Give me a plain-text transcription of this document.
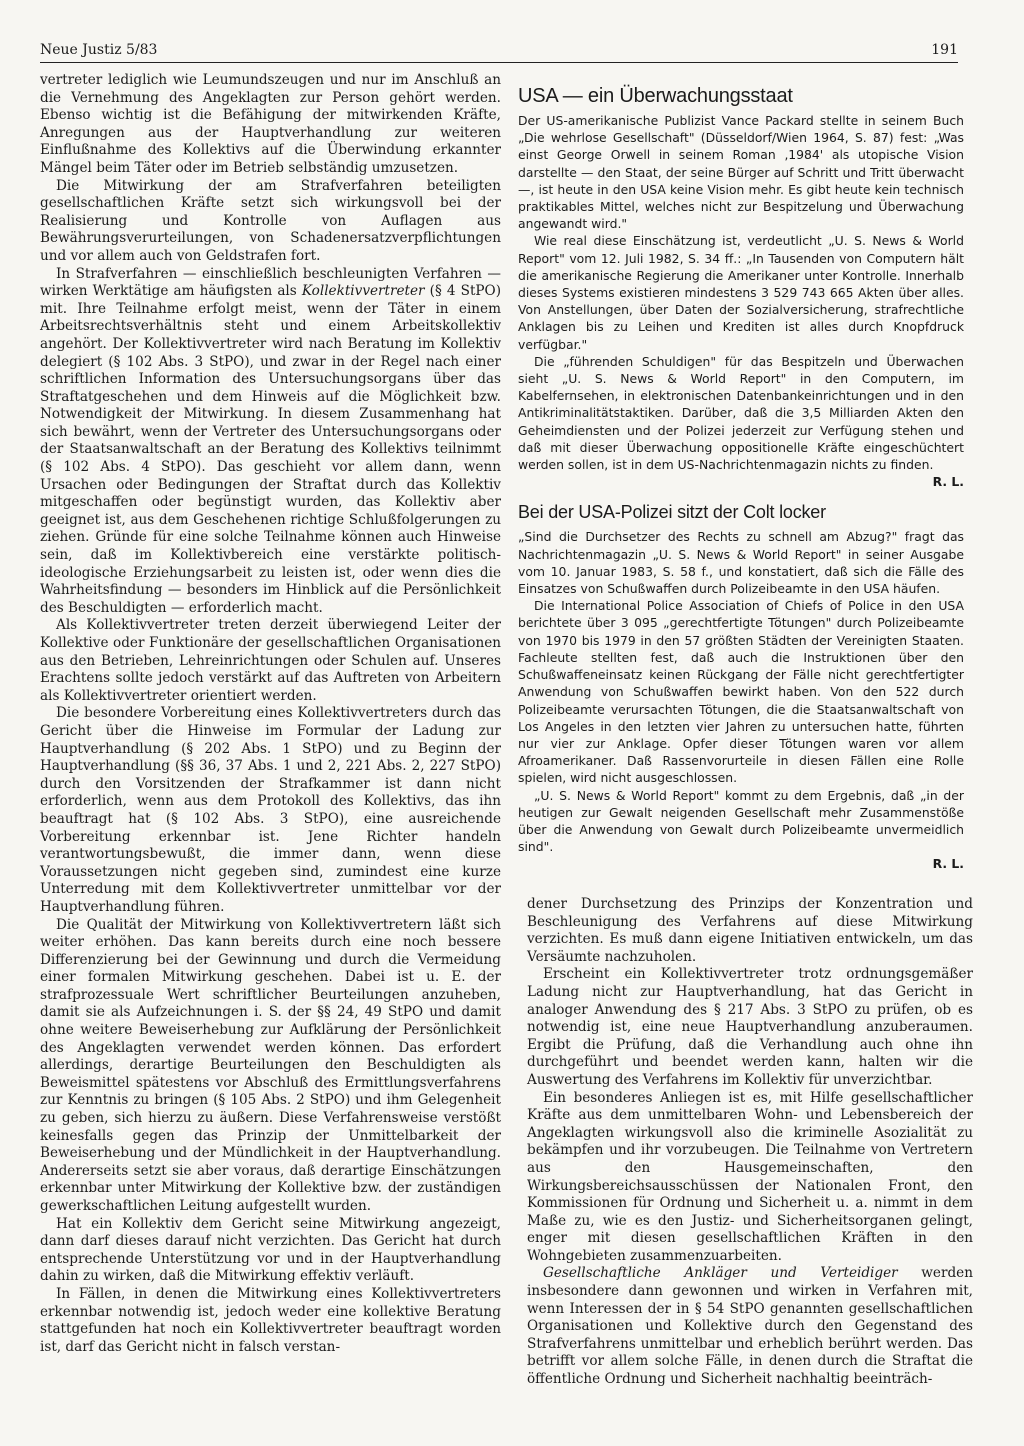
Neue Justiz 5/83	191

vertreter lediglich wie Leumundszeugen und nur im Anschluß an die Vernehmung des Angeklagten zur Person gehört werden. Ebenso wichtig ist die Befähigung der mitwirkenden Kräfte, Anregungen aus der Hauptverhandlung zur weiteren Einflußnahme des Kollektivs auf die Überwindung erkannter Mängel beim Täter oder im Betrieb selbständig umzusetzen.

Die Mitwirkung der am Strafverfahren beteiligten gesellschaftlichen Kräfte setzt sich wirkungsvoll bei der Realisierung und Kontrolle von Auflagen aus Bewährungsverurteilungen, von Schadenersatzverpflichtungen und vor allem auch von Geldstrafen fort.

In Strafverfahren — einschließlich beschleunigten Verfahren — wirken Werktätige am häufigsten als Kollektivvertreter (§ 4 StPO) mit. Ihre Teilnahme erfolgt meist, wenn der Täter in einem Arbeitsrechtsverhältnis steht und einem Arbeitskollektiv angehört. Der Kollektivvertreter wird nach Beratung im Kollektiv delegiert (§ 102 Abs. 3 StPO), und zwar in der Regel nach einer schriftlichen Information des Untersuchungsorgans über das Straftatgeschehen und dem Hinweis auf die Möglichkeit bzw. Notwendigkeit der Mitwirkung. In diesem Zusammenhang hat sich bewährt, wenn der Vertreter des Untersuchungsorgans oder der Staatsanwaltschaft an der Beratung des Kollektivs teilnimmt (§ 102 Abs. 4 StPO). Das geschieht vor allem dann, wenn Ursachen oder Bedingungen der Straftat durch das Kollektiv mitgeschaffen oder begünstigt wurden, das Kollektiv aber geeignet ist, aus dem Geschehenen richtige Schlußfolgerungen zu ziehen. Gründe für eine solche Teilnahme können auch Hinweise sein, daß im Kollektivbereich eine verstärkte politisch-ideologische Erziehungsarbeit zu leisten ist, oder wenn dies die Wahrheitsfindung — besonders im Hinblick auf die Persönlichkeit des Beschuldigten — erforderlich macht.

Als Kollektivvertreter treten derzeit überwiegend Leiter der Kollektive oder Funktionäre der gesellschaftlichen Organisationen aus den Betrieben, Lehreinrichtungen oder Schulen auf. Unseres Erachtens sollte jedoch verstärkt auf das Auftreten von Arbeitern als Kollektivvertreter orientiert werden.

Die besondere Vorbereitung eines Kollektivvertreters durch das Gericht über die Hinweise im Formular der Ladung zur Hauptverhandlung (§ 202 Abs. 1 StPO) und zu Beginn der Hauptverhandlung (§§ 36, 37 Abs. 1 und 2, 221 Abs. 2, 227 StPO) durch den Vorsitzenden der Strafkammer ist dann nicht erforderlich, wenn aus dem Protokoll des Kollektivs, das ihn beauftragt hat (§ 102 Abs. 3 StPO), eine ausreichende Vorbereitung erkennbar ist. Jene Richter handeln verantwortungsbewußt, die immer dann, wenn diese Voraussetzungen nicht gegeben sind, zumindest eine kurze Unterredung mit dem Kollektivvertreter unmittelbar vor der Hauptverhandlung führen.

Die Qualität der Mitwirkung von Kollektivvertretern läßt sich weiter erhöhen. Das kann bereits durch eine noch bessere Differenzierung bei der Gewinnung und durch die Vermeidung einer formalen Mitwirkung geschehen. Dabei ist u. E. der strafprozessuale Wert schriftlicher Beurteilungen anzuheben, damit sie als Aufzeichnungen i. S. der §§ 24, 49 StPO und damit ohne weitere Beweiserhebung zur Aufklärung der Persönlichkeit des Angeklagten verwendet werden können. Das erfordert allerdings, derartige Beurteilungen den Beschuldigten als Beweismittel spätestens vor Abschluß des Ermittlungsverfahrens zur Kenntnis zu bringen (§ 105 Abs. 2 StPO) und ihm Gelegenheit zu geben, sich hierzu zu äußern. Diese Verfahrensweise verstößt keinesfalls gegen das Prinzip der Unmittelbarkeit der Beweiserhebung und der Mündlichkeit in der Hauptverhandlung. Andererseits setzt sie aber voraus, daß derartige Einschätzungen erkennbar unter Mitwirkung der Kollektive bzw. der zuständigen gewerkschaftlichen Leitung aufgestellt wurden.

Hat ein Kollektiv dem Gericht seine Mitwirkung angezeigt, dann darf dieses darauf nicht verzichten. Das Gericht hat durch entsprechende Unterstützung vor und in der Hauptverhandlung dahin zu wirken, daß die Mitwirkung effektiv verläuft.

In Fällen, in denen die Mitwirkung eines Kollektivvertreters erkennbar notwendig ist, jedoch weder eine kollektive Beratung stattgefunden hat noch ein Kollektivvertreter beauftragt worden ist, darf das Gericht nicht in falsch verstan-

USA — ein Überwachungsstaat

Der US-amerikanische Publizist Vance Packard stellte in seinem Buch „Die wehrlose Gesellschaft" (Düsseldorf/Wien 1964, S. 87) fest: „Was einst George Orwell in seinem Roman ‚1984' als utopische Vision darstellte — den Staat, der seine Bürger auf Schritt und Tritt überwacht —, ist heute in den USA keine Vision mehr. Es gibt heute kein technisch praktikables Mittel, welches nicht zur Bespitzelung und Überwachung angewandt wird."

Wie real diese Einschätzung ist, verdeutlicht „U. S. News & World Report" vom 12. Juli 1982, S. 34 ff.: „In Tausenden von Computern hält die amerikanische Regierung die Amerikaner unter Kontrolle. Innerhalb dieses Systems existieren mindestens 3 529 743 665 Akten über alles. Von Anstellungen, über Daten der Sozialversicherung, strafrechtliche Anklagen bis zu Leihen und Krediten ist alles durch Knopfdruck verfügbar."

Die „führenden Schuldigen" für das Bespitzeln und Überwachen sieht „U. S. News & World Report" in den Computern, im Kabelfernsehen, in elektronischen Datenbankeinrichtungen und in den Antikriminalitätstaktiken. Darüber, daß die 3,5 Milliarden Akten den Geheimdiensten und der Polizei jederzeit zur Verfügung stehen und daß mit dieser Überwachung oppositionelle Kräfte eingeschüchtert werden sollen, ist in dem US-Nachrichtenmagazin nichts zu finden.

R. L.

Bei der USA-Polizei sitzt der Colt locker

„Sind die Durchsetzer des Rechts zu schnell am Abzug?" fragt das Nachrichtenmagazin „U. S. News & World Report" in seiner Ausgabe vom 10. Januar 1983, S. 58 f., und konstatiert, daß sich die Fälle des Einsatzes von Schußwaffen durch Polizeibeamte in den USA häufen.

Die International Police Association of Chiefs of Police in den USA berichtete über 3 095 „gerechtfertigte Tötungen" durch Polizeibeamte von 1970 bis 1979 in den 57 größten Städten der Vereinigten Staaten. Fachleute stellten fest, daß auch die Instruktionen über den Schußwaffeneinsatz keinen Rückgang der Fälle nicht gerechtfertigter Anwendung von Schußwaffen bewirkt haben. Von den 522 durch Polizeibeamte verursachten Tötungen, die die Staatsanwaltschaft von Los Angeles in den letzten vier Jahren zu untersuchen hatte, führten nur vier zur Anklage. Opfer dieser Tötungen waren vor allem Afroamerikaner. Daß Rassenvorurteile in diesen Fällen eine Rolle spielen, wird nicht ausgeschlossen.

„U. S. News & World Report" kommt zu dem Ergebnis, daß „in der heutigen zur Gewalt neigenden Gesellschaft mehr Zusammenstöße über die Anwendung von Gewalt durch Polizeibeamte unvermeidlich sind".

R. L.

dener Durchsetzung des Prinzips der Konzentration und Beschleunigung des Verfahrens auf diese Mitwirkung verzichten. Es muß dann eigene Initiativen entwickeln, um das Versäumte nachzuholen.

Erscheint ein Kollektivvertreter trotz ordnungsgemäßer Ladung nicht zur Hauptverhandlung, hat das Gericht in analoger Anwendung des § 217 Abs. 3 StPO zu prüfen, ob es notwendig ist, eine neue Hauptverhandlung anzuberaumen. Ergibt die Prüfung, daß die Verhandlung auch ohne ihn durchgeführt und beendet werden kann, halten wir die Auswertung des Verfahrens im Kollektiv für unverzichtbar.

Ein besonderes Anliegen ist es, mit Hilfe gesellschaftlicher Kräfte aus dem unmittelbaren Wohn- und Lebensbereich der Angeklagten wirkungsvoll also die kriminelle Asozialität zu bekämpfen und ihr vorzubeugen. Die Teilnahme von Vertretern aus den Hausgemeinschaften, den Wirkungsbereichsausschüssen der Nationalen Front, den Kommissionen für Ordnung und Sicherheit u. a. nimmt in dem Maße zu, wie es den Justiz- und Sicherheitsorganen gelingt, enger mit diesen gesellschaftlichen Kräften in den Wohngebieten zusammenzuarbeiten.

Gesellschaftliche Ankläger und Verteidiger werden insbesondere dann gewonnen und wirken in Verfahren mit, wenn Interessen der in § 54 StPO genannten gesellschaftlichen Organisationen und Kollektive durch den Gegenstand des Strafverfahrens unmittelbar und erheblich berührt werden. Das betrifft vor allem solche Fälle, in denen durch die Straftat die öffentliche Ordnung und Sicherheit nachhaltig beeinträch-
